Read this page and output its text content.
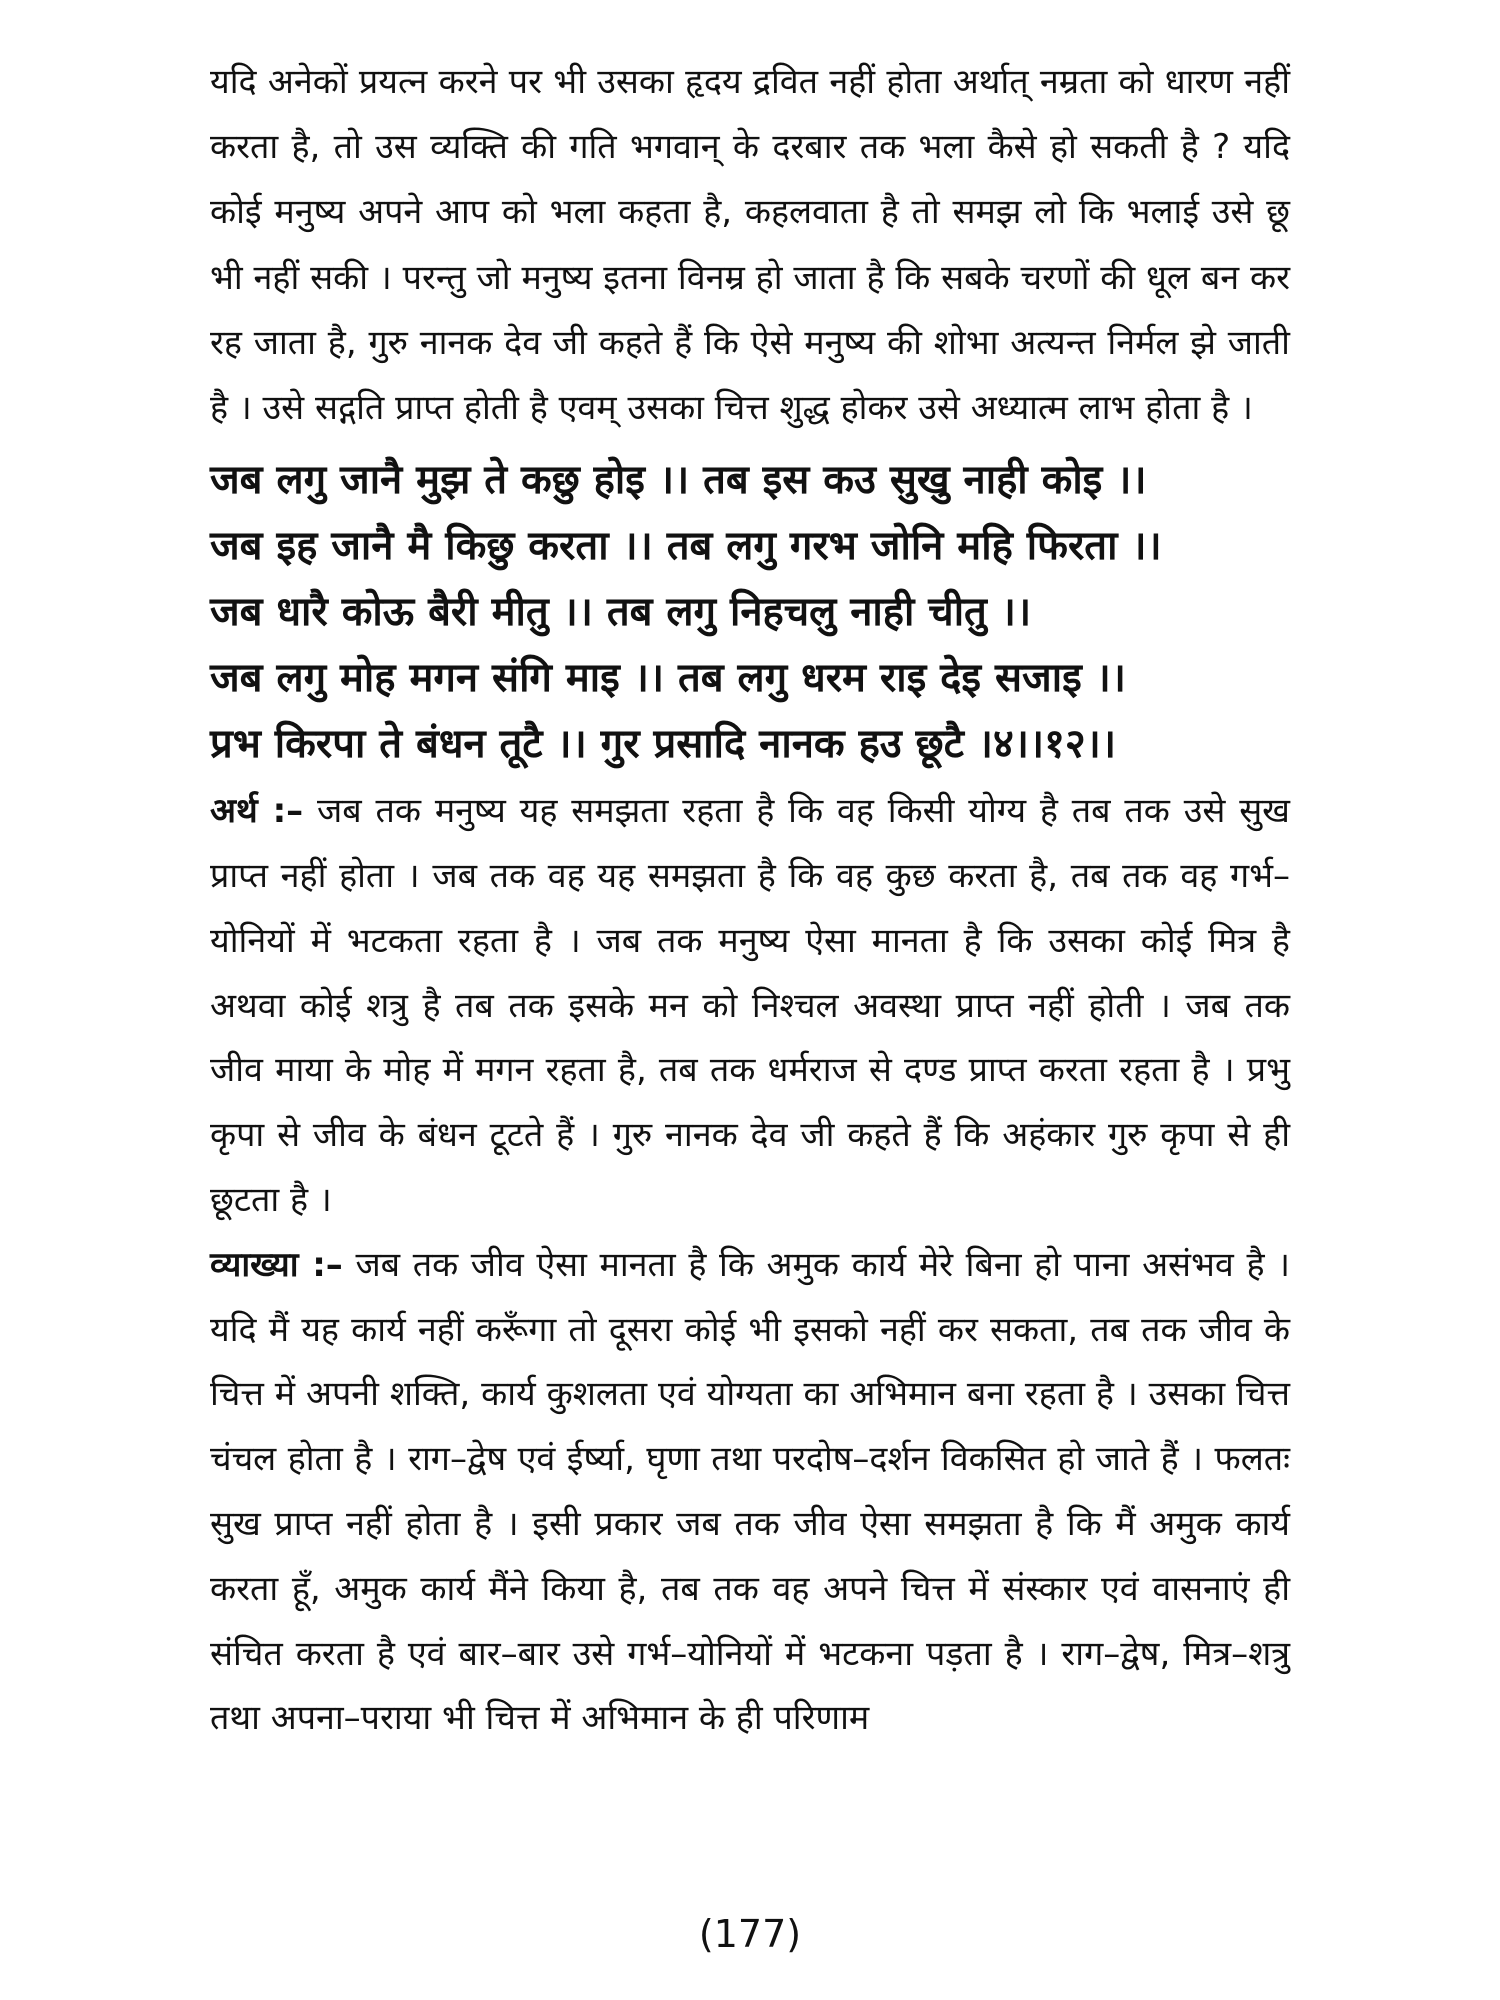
यदि अनेकों प्रयत्न करने पर भी उसका हृदय द्रवित नहीं होता अर्थात् नम्रता को धारण नहीं करता है, तो उस व्यक्ति की गति भगवान् के दरबार तक भला कैसे हो सकती है ? यदि कोई मनुष्य अपने आप को भला कहता है, कहलवाता है तो समझ लो कि भलाई उसे छू भी नहीं सकी । परन्तु जो मनुष्य इतना विनम्र हो जाता है कि सबके चरणों की धूल बन कर रह जाता है, गुरु नानक देव जी कहते हैं कि ऐसे मनुष्य की शोभा अत्यन्त निर्मल झे जाती है । उसे सद्गति प्राप्त होती है एवम् उसका चित्त शुद्ध होकर उसे अध्यात्म लाभ होता है ।

जब लगु जानै मुझ ते कछु होइ ।। तब इस कउ सुखु नाही कोइ ।।

जब इह जानै मै किछु करता ।। तब लगु गरभ जोनि महि फिरता ।।

जब धारै कोऊ बैरी मीतु ।। तब लगु निहचलु नाही चीतु ।।

जब लगु मोह मगन संगि माइ ।। तब लगु धरम राइ देइ सजाइ ।।

प्रभ किरपा ते बंधन तूटै ।। गुर प्रसादि नानक हउ छूटै ।४।।१२।।

अर्थ :– जब तक मनुष्य यह समझता रहता है कि वह किसी योग्य है तब तक उसे सुख प्राप्त नहीं होता । जब तक वह यह समझता है कि वह कुछ करता है, तब तक वह गर्भ–योनियों में भटकता रहता है । जब तक मनुष्य ऐसा मानता है कि उसका कोई मित्र है अथवा कोई शत्रु है तब तक इसके मन को निश्चल अवस्था प्राप्त नहीं होती । जब तक जीव माया के मोह में मगन रहता है, तब तक धर्मराज से दण्ड प्राप्त करता रहता है । प्रभु कृपा से जीव के बंधन टूटते हैं । गुरु नानक देव जी कहते हैं कि अहंकार गुरु कृपा से ही छूटता है ।

व्याख्या :– जब तक जीव ऐसा मानता है कि अमुक कार्य मेरे बिना हो पाना असंभव है । यदि मैं यह कार्य नहीं करूँगा तो दूसरा कोई भी इसको नहीं कर सकता, तब तक जीव के चित्त में अपनी शक्ति, कार्य कुशलता एवं योग्यता का अभिमान बना रहता है । उसका चित्त चंचल होता है । राग–द्वेष एवं ईर्ष्या, घृणा तथा परदोष–दर्शन विकसित हो जाते हैं । फलतः सुख प्राप्त नहीं होता है । इसी प्रकार जब तक जीव ऐसा समझता है कि मैं अमुक कार्य करता हूँ, अमुक कार्य मैंने किया है, तब तक वह अपने चित्त में संस्कार एवं वासनाएं ही संचित करता है एवं बार–बार उसे गर्भ–योनियों में भटकना पड़ता है । राग–द्वेष, मित्र–शत्रु तथा अपना–पराया भी चित्त में अभिमान के ही परिणाम

(177)
